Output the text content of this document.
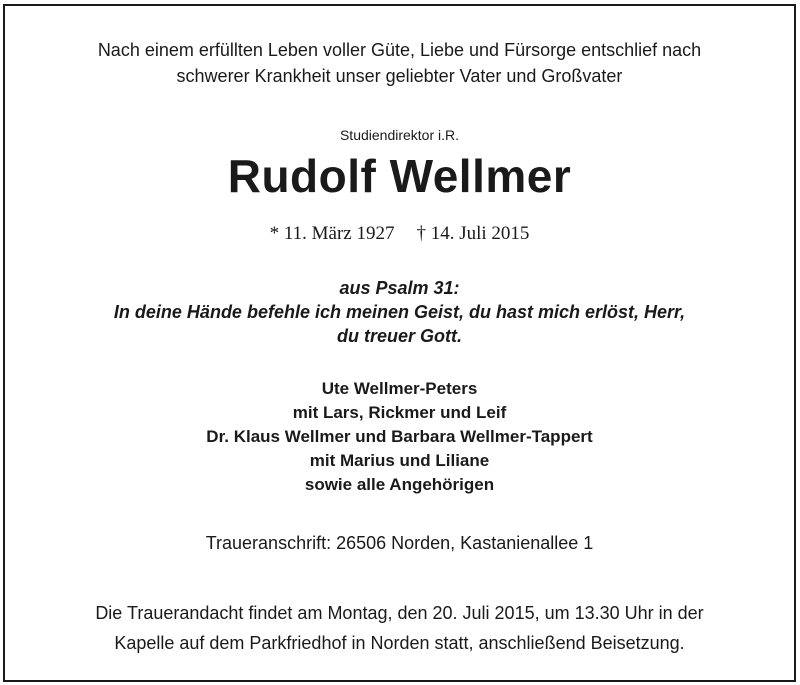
Nach einem erfüllten Leben voller Güte, Liebe und Fürsorge entschlief nach
schwerer Krankheit unser geliebter Vater und Großvater
Studiendirektor i.R.
Rudolf Wellmer
* 11. März 1927 † 14. Juli 2015
aus Psalm 31:
In deine Hände befehle ich meinen Geist, du hast mich erlöst, Herr,
du treuer Gott.
Ute Wellmer-Peters
mit Lars, Rickmer und Leif
Dr. Klaus Wellmer und Barbara Wellmer-Tappert
mit Marius und Liliane
sowie alle Angehörigen
Traueranschrift: 26506 Norden, Kastanienallee 1
Die Trauerandacht findet am Montag, den 20. Juli 2015, um 13.30 Uhr in der
Kapelle auf dem Parkfriedhof in Norden statt, anschließend Beisetzung.
